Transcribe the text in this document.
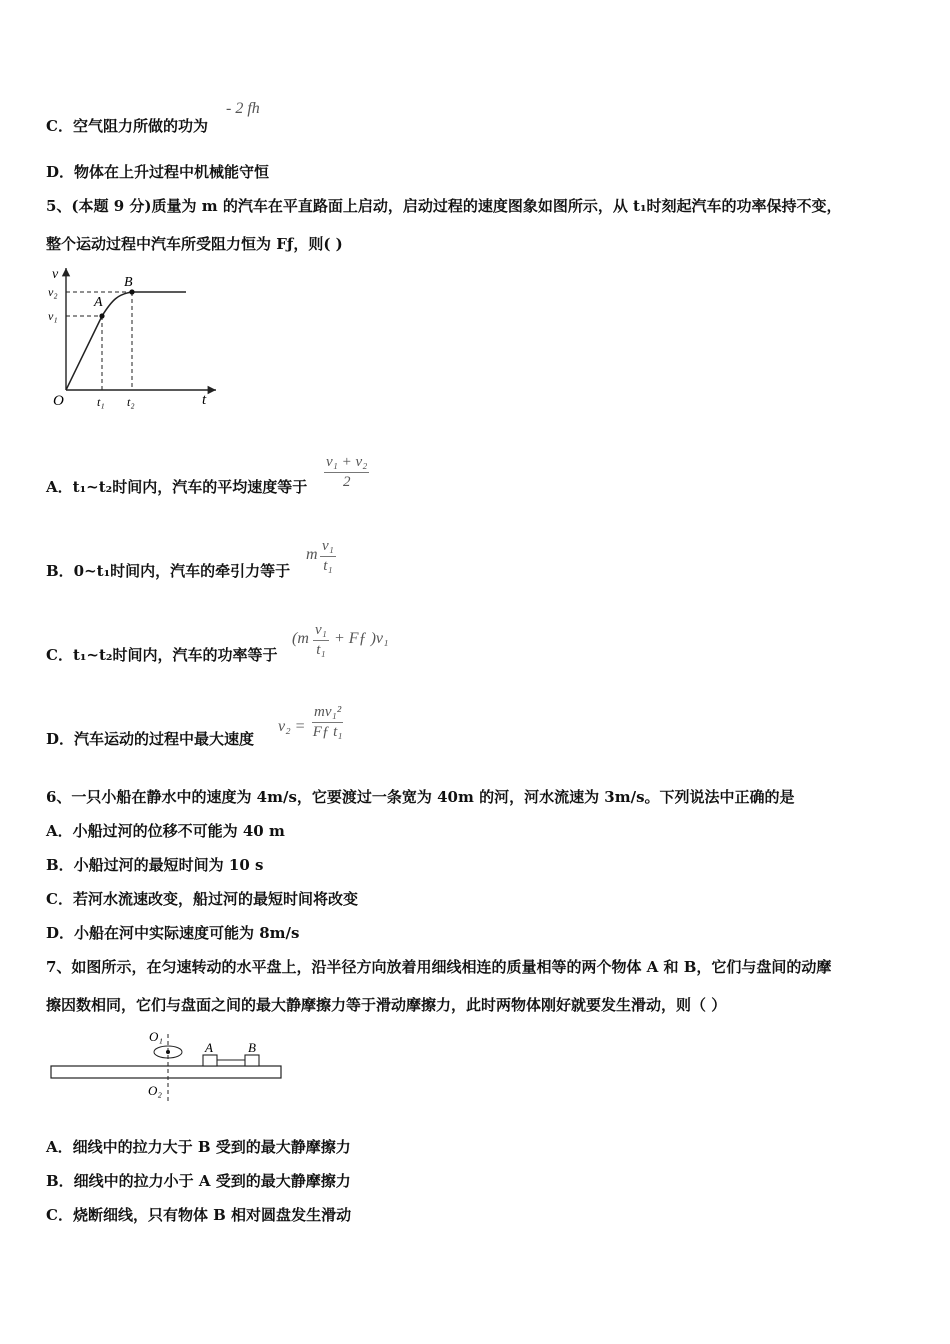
C．空气阻力所做的功为
- 2 fh
D．物体在上升过程中机械能守恒
5、(本题 9 分)质量为 m 的汽车在平直路面上启动，启动过程的速度图象如图所示，从 t₁时刻起汽车的功率保持不变，
整个运动过程中汽车所受阻力恒为 Fƒ，则( )
v
v₂
v₁
A
B
O	t₁ t₂	t
A．t₁~t₂时间内，汽车的平均速度等于 $\frac{\text{v₁ + v₂}}{2}$
B．0~t₁时间内，汽车的牵引力等于
m $\frac{\text{v₁}}{\text{t₁}}$
C．t₁~t₂时间内，汽车的功率等于
($m \frac{\text{v₁}}{\text{t₁}}$ + Fƒ )v₁
D．汽车运动的过程中最大速度
$v_2 = \frac{\text{mv₁²}}{\text{Fƒ t₁}}$
6、一只小船在静水中的速度为 4m/s，它要渡过一条宽为 40m 的河，河水流速为 3m/s。下列说法中正确的是
A．小船过河的位移不可能为 40 m
B．小船过河的最短时间为 10 s
C．若河水流速改变，船过河的最短时间将改变
D．小船在河中实际速度可能为 8m/s
7、如图所示，在匀速转动的水平盘上，沿半径方向放着用细线相连的质量相等的两个物体 A 和 B，它们与盘间的动摩
擦因数相同，它们与盘面之间的最大静摩擦力等于滑动摩擦力，此时两物体刚好就要发生滑动，则（ ）
O₁
A	B
O₂
A．细线中的拉力大于 B 受到的最大静摩擦力
B．细线中的拉力小于 A 受到的最大静摩擦力
C．烧断细线，只有物体 B 相对圆盘发生滑动
